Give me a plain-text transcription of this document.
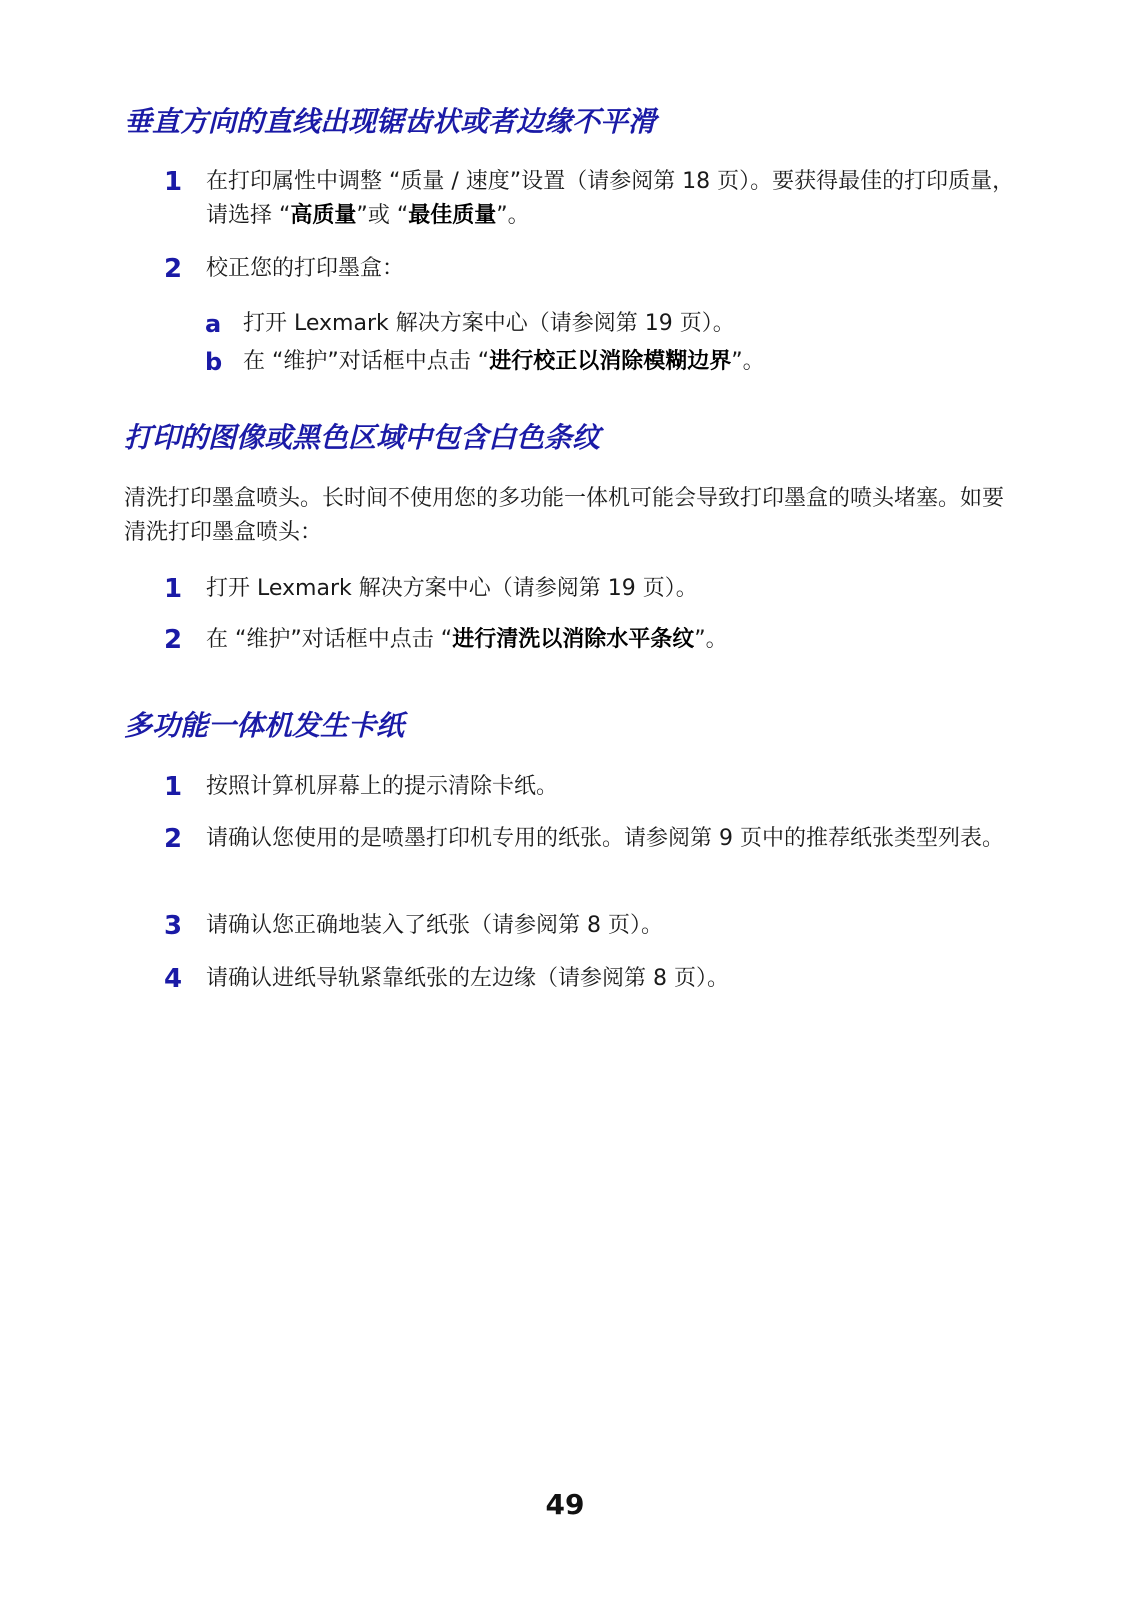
垂直方向的直线出现锯齿状或者边缘不平滑
1	在打印属性中调整 “质量 / 速度”设置（请参阅第 18 页）。要获得最佳的打印质量，请选择 “高质量”或 “最佳质量”。
2	校正您的打印墨盒：
a 打开 Lexmark 解决方案中心（请参阅第 19 页）。
b 在 “维护”对话框中点击 “进行校正以消除模糊边界”。
打印的图像或黑色区域中包含白色条纹
清洗打印墨盒喷头。长时间不使用您的多功能一体机可能会导致打印墨盒的喷头堵塞。如要清洗打印墨盒喷头：
1	打开 Lexmark 解决方案中心（请参阅第 19 页）。
2	在 “维护”对话框中点击 “进行清洗以消除水平条纹”。
多功能一体机发生卡纸
1	按照计算机屏幕上的提示清除卡纸。
2	请确认您使用的是喷墨打印机专用的纸张。请参阅第 9 页中的推荐纸张类型列表。
3	请确认您正确地装入了纸张（请参阅第 8 页）。
4	请确认进纸导轨紧靠纸张的左边缘（请参阅第 8 页）。
49
